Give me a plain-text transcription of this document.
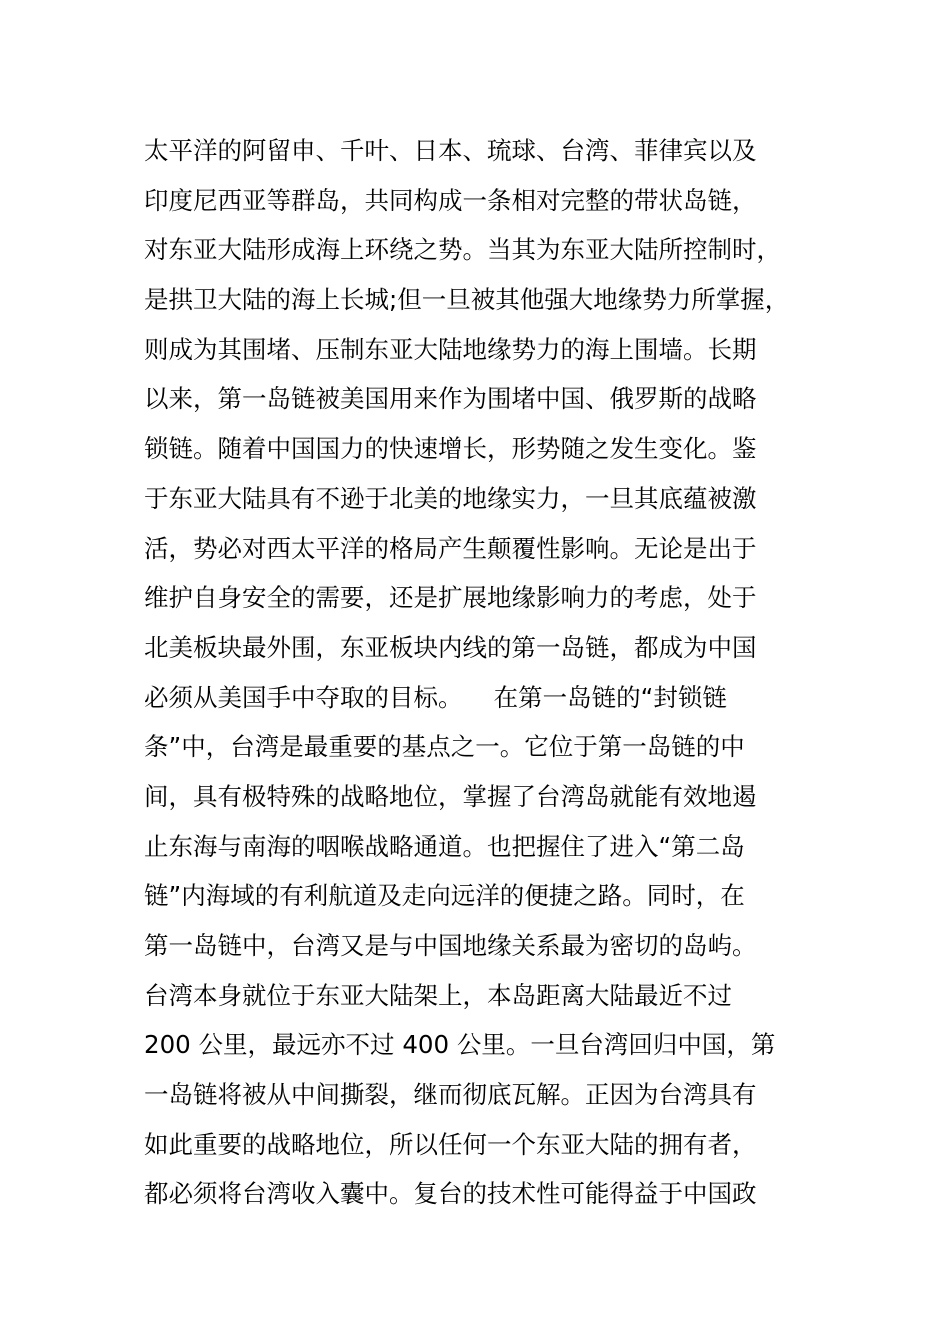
太平洋的阿留申、千叶、日本、琉球、台湾、菲律宾以及
印度尼西亚等群岛，共同构成一条相对完整的带状岛链，
对东亚大陆形成海上环绕之势。当其为东亚大陆所控制时，
是拱卫大陆的海上长城;但一旦被其他强大地缘势力所掌握，
则成为其围堵、压制东亚大陆地缘势力的海上围墙。长期
以来，第一岛链被美国用来作为围堵中国、俄罗斯的战略
锁链。随着中国国力的快速增长，形势随之发生变化。鉴
于东亚大陆具有不逊于北美的地缘实力，一旦其底蕴被激
活，势必对西太平洋的格局产生颠覆性影响。无论是出于
维护自身安全的需要，还是扩展地缘影响力的考虑，处于
北美板块最外围，东亚板块内线的第一岛链，都成为中国
必须从美国手中夺取的目标。    在第一岛链的“封锁链
条”中，台湾是最重要的基点之一。它位于第一岛链的中
间，具有极特殊的战略地位，掌握了台湾岛就能有效地遏
止东海与南海的咽喉战略通道。也把握住了进入“第二岛
链”内海域的有利航道及走向远洋的便捷之路。同时，在
第一岛链中，台湾又是与中国地缘关系最为密切的岛屿。
台湾本身就位于东亚大陆架上，本岛距离大陆最近不过
200 公里，最远亦不过 400 公里。一旦台湾回归中国，第
一岛链将被从中间撕裂，继而彻底瓦解。正因为台湾具有
如此重要的战略地位，所以任何一个东亚大陆的拥有者，
都必须将台湾收入囊中。复台的技术性可能得益于中国政
